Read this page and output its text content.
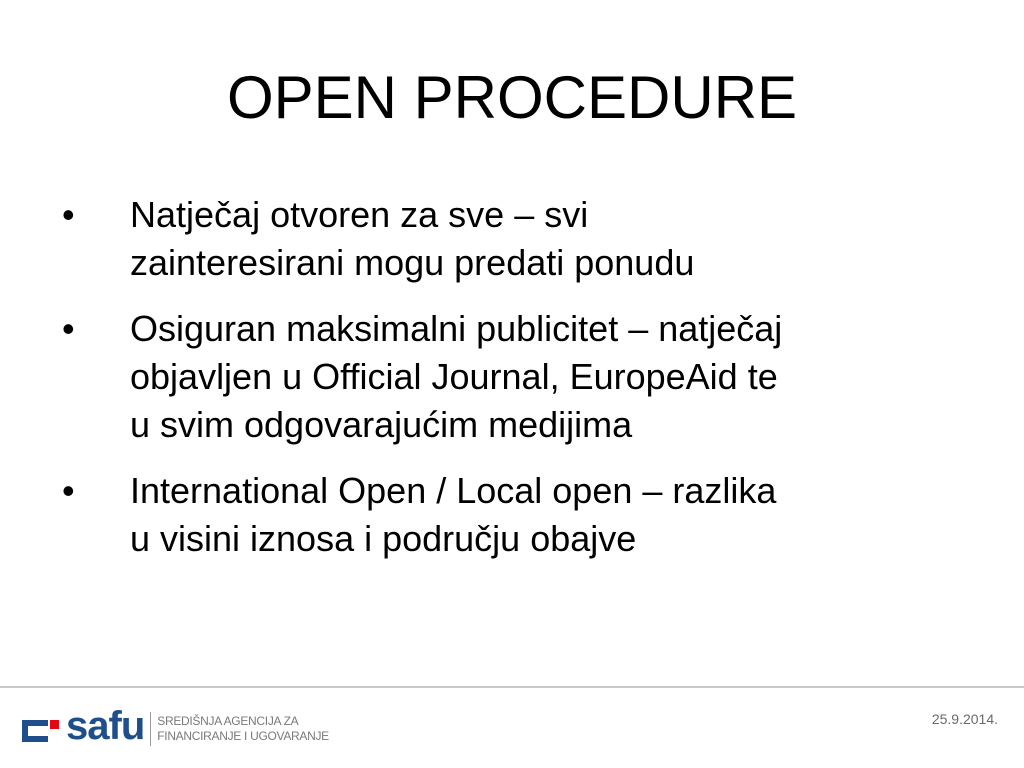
OPEN PROCEDURE
•	Natječaj otvoren za sve – svi
zainteresirani mogu predati ponudu
•	Osiguran maksimalni publicitet – natječaj
objavljen u Official Journal, EuropeAid te
u svim odgovarajućim medijima
•	International Open / Local open – razlika
u visini iznosa i području obajve
safu SREDIŠNJA AGENCIJA ZA
FINANCIRANJE I UGOVARANJE
25.9.2014.
